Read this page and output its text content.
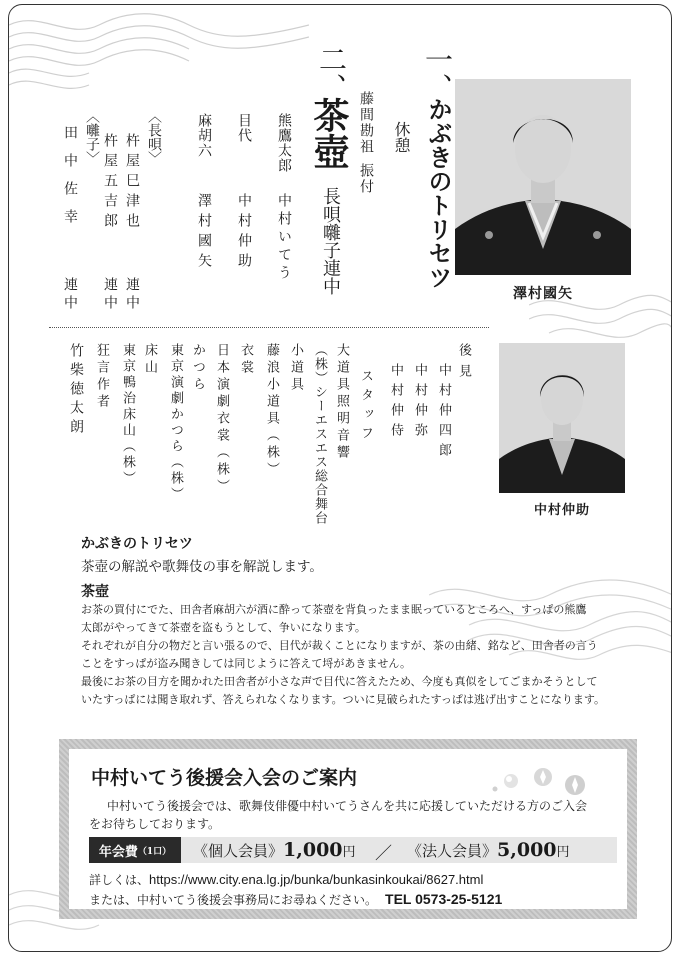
一、
かぶきのトリセツ
休憩
藤間勘祖
振付
二、
茶壺
長唄囃子連中
熊鷹太郎
中村いてう
目代
中村仲助
麻胡六
澤村國矢
〈長唄〉
杵屋巳津也
連中
杵屋五吉郎
連中
〈囃子〉
田中佐幸
連中	澤村國矢
後見
中村仲四郎
中村仲弥
中村仲侍
スタッフ
大道具照明音響
（株）シーエスエス総合舞台
小道具
藤浪小道具（株）
衣裳
日本演劇衣裳（株）
かつら
東京演劇かつら（株）
床山
東京鴨治床山（株）
狂言作者
竹柴徳太朗
中村仲助
かぶきのトリセツ
茶壺の解説や歌舞伎の事を解説します。
茶壺
お茶の買付にでた、田舎者麻胡六が酒に酔って茶壺を背負ったまま眠っているところへ、すっぱの熊鷹
太郎がやってきて茶壺を盗もうとして、争いになります。
それぞれが自分の物だと言い張るので、目代が裁くことになりますが、茶の由緒、銘など、田舎者の言う
ことをすっぱが盗み聞きしては同じように答えて埒があきません。
最後にお茶の目方を聞かれた田舎者が小さな声で目代に答えたため、今度も真似をしてごまかそうとして
いたすっぱには聞き取れず、答えられなくなります。ついに見破られたすっぱは逃げ出すことになります。
中村いてう後援会入会のご案内
中村いてう後援会では、歌舞伎俳優中村いてうさんを共に応援していただける方のご入会
をお待ちしております。
年会費 （1口） 《個人会員》1,000円 ／ 《法人会員》5,000円
詳しくは、https://www.city.ena.lg.jp/bunka/bunkasinkoukai/8627.html
または、中村いてう後援会事務局にお尋ねください。 TEL 0573-25-5121
